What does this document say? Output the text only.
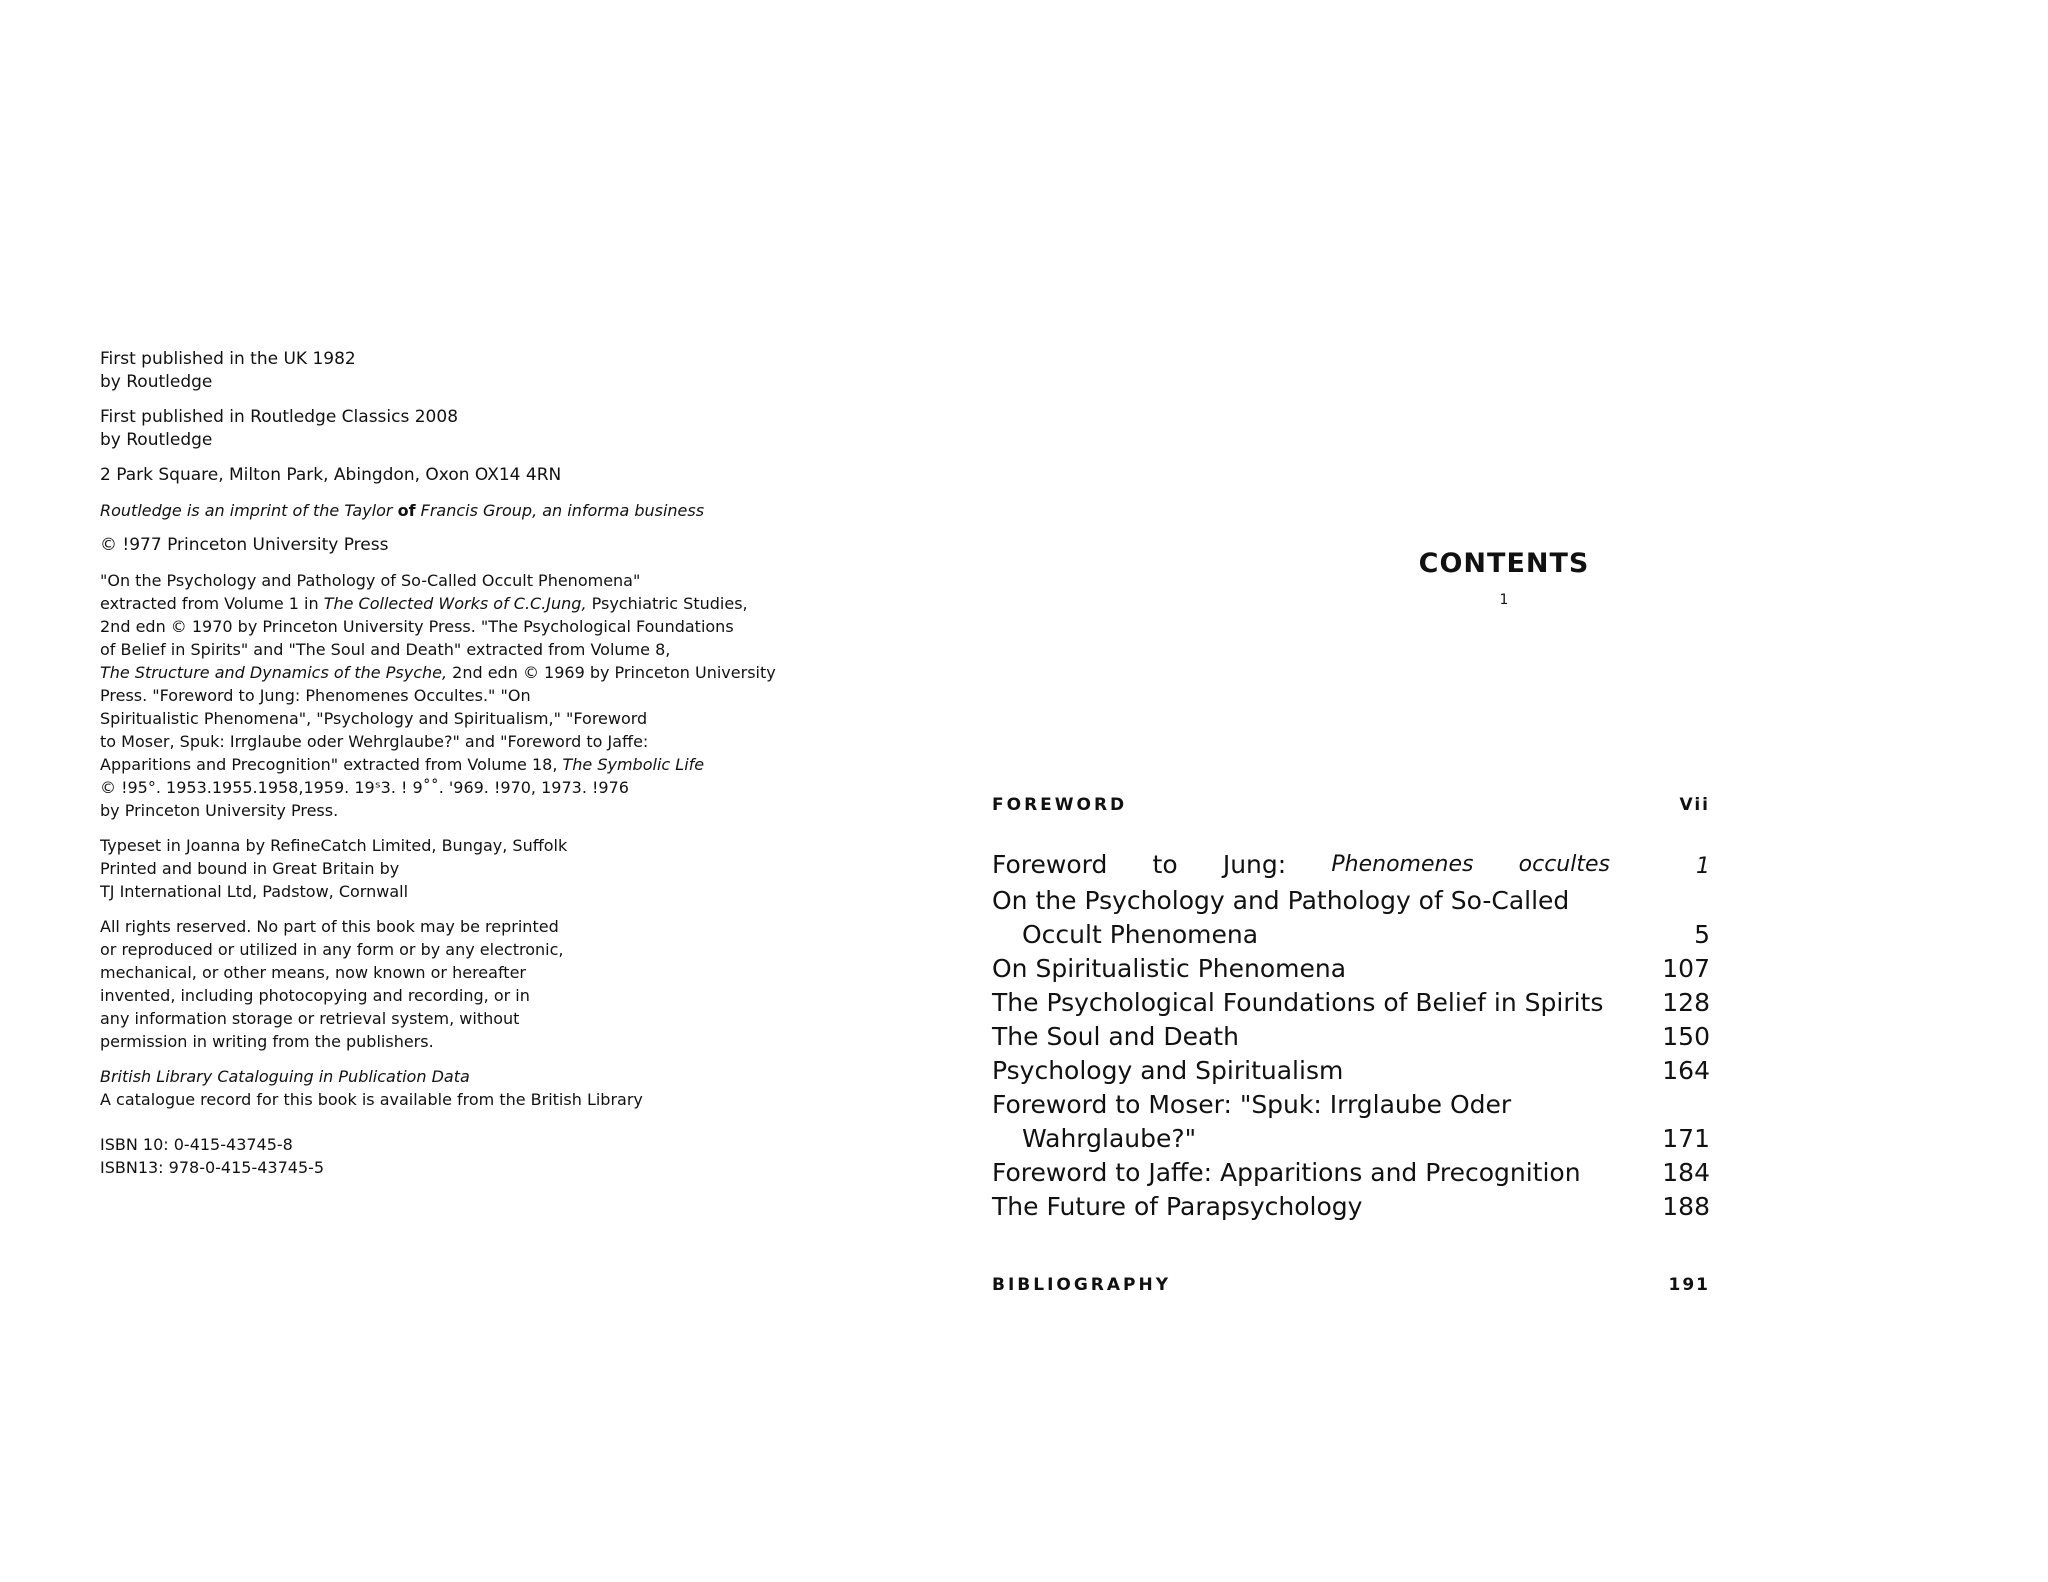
First published in the UK 1982
by Routledge

First published in Routledge Classics 2008
by Routledge

2 Park Square, Milton Park, Abingdon, Oxon OX14 4RN

Routledge is an imprint of the Taylor of Francis Group, an informa business

© !977 Princeton University Press

"On the Psychology and Pathology of So-Called Occult Phenomena"
extracted from Volume 1 in The Collected Works of C.C.Jung, Psychiatric Studies,
2nd edn © 1970 by Princeton University Press. "The Psychological Foundations
of Belief in Spirits" and "The Soul and Death" extracted from Volume 8,
The Structure and Dynamics of the Psyche, 2nd edn © 1969 by Princeton University
Press. "Foreword to Jung: Phenomenes Occultes." "On
Spiritualistic Phenomena", "Psychology and Spiritualism," "Foreword
to Moser, Spuk: Irrglaube oder Wehrglaube?" and "Foreword to Jaffe:
Apparitions and Precognition" extracted from Volume 18, The Symbolic Life
© !95°. 1953.1955.1958,1959. 19ˢ3. ! 9˚˚. '969. !970, 1973. !976
by Princeton University Press.

Typeset in Joanna by RefineCatch Limited, Bungay, Suffolk
Printed and bound in Great Britain by
TJ International Ltd, Padstow, Cornwall

All rights reserved. No part of this book may be reprinted
or reproduced or utilized in any form or by any electronic,
mechanical, or other means, now known or hereafter
invented, including photocopying and recording, or in
any information storage or retrieval system, without
permission in writing from the publishers.

British Library Cataloguing in Publication Data
A catalogue record for this book is available from the British Library

ISBN 10: 0-415-43745-8
ISBN13: 978-0-415-43745-5

CONTENTS
1
FOREWORD	Vii
Foreword to Jung: Phenomenes occultes	1
On the Psychology and Pathology of So-Called
Occult Phenomena	5
On Spiritualistic Phenomena	107
The Psychological Foundations of Belief in Spirits	128
The Soul and Death	150
Psychology and Spiritualism	164
Foreword to Moser: "Spuk: Irrglaube Oder
Wahrglaube?"	171
Foreword to Jaffe: Apparitions and Precognition	184
The Future of Parapsychology	188
BIBLIOGRAPHY	191
